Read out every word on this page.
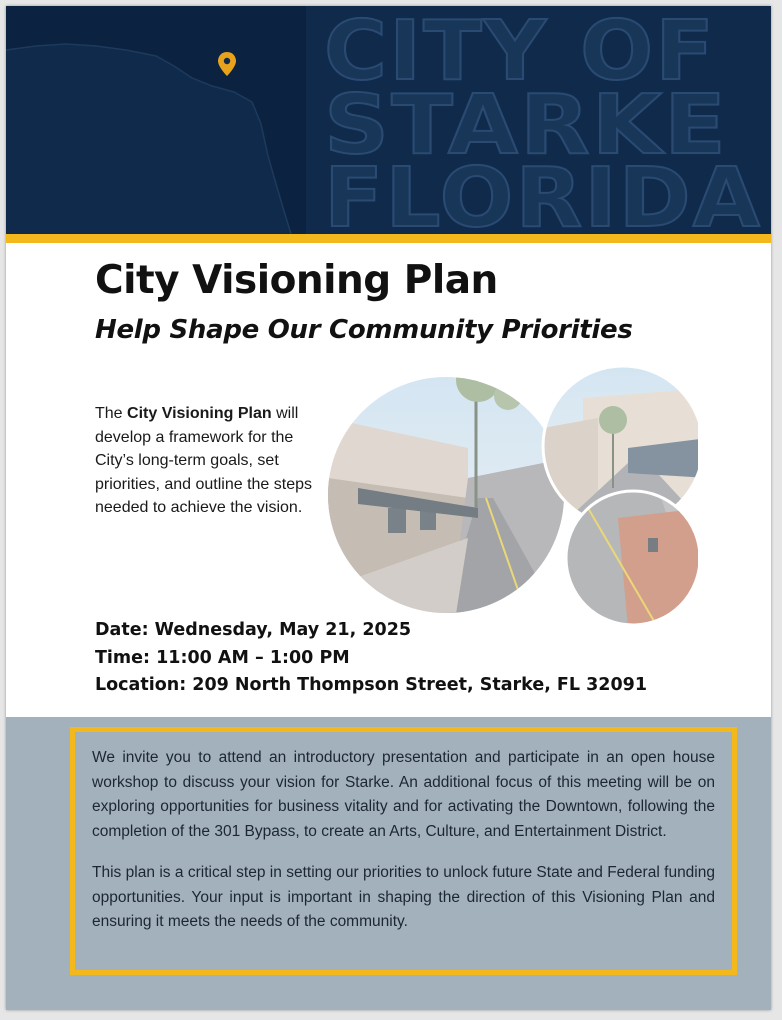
CITY OF
STARKE
FLORIDA
City Visioning Plan
Help Shape Our Community Priorities

The City Visioning Plan will develop a framework for the City’s long-term goals, set priorities, and outline the steps needed to achieve the vision.

Date: Wednesday, May 21, 2025
Time: 11:00 AM – 1:00 PM
Location: 209 North Thompson Street, Starke, FL 32091

We invite you to attend an introductory presentation and participate in an open house workshop to discuss your vision for Starke. An additional focus of this meeting will be on exploring opportunities for business vitality and for activating the Downtown, following the completion of the 301 Bypass, to create an Arts, Culture, and Entertainment District.

This plan is a critical step in setting our priorities to unlock future State and Federal funding opportunities. Your input is important in shaping the direction of this Visioning Plan and ensuring it meets the needs of the community.
